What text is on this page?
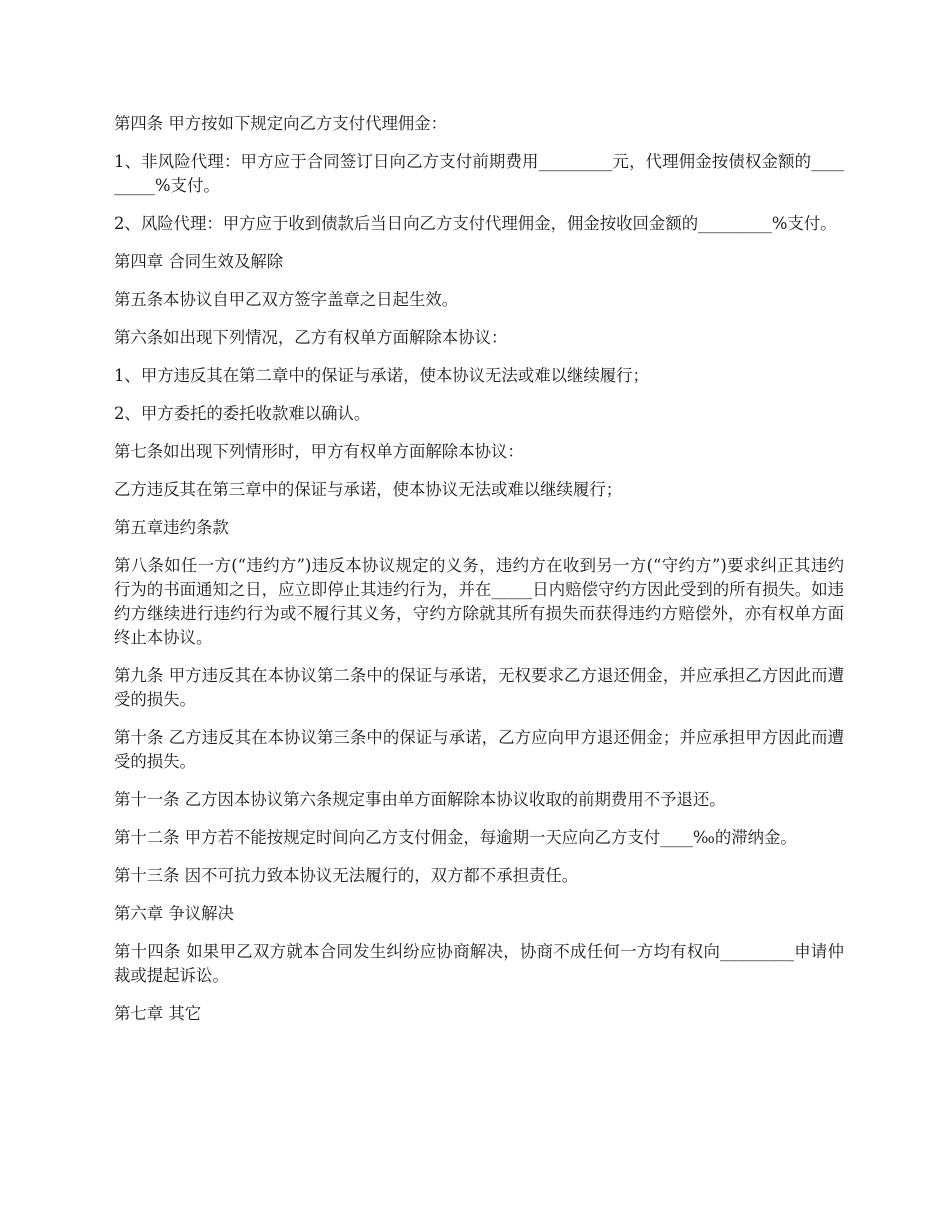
第四条 甲方按如下规定向乙方支付代理佣金：

1、非风险代理：甲方应于合同签订日向乙方支付前期费用_________元，代理佣金按债权金额的_________%支付。

2、风险代理：甲方应于收到债款后当日向乙方支付代理佣金，佣金按收回金额的_________%支付。

第四章 合同生效及解除

第五条本协议自甲乙双方签字盖章之日起生效。

第六条如出现下列情况，乙方有权单方面解除本协议：

1、甲方违反其在第二章中的保证与承诺，使本协议无法或难以继续履行；

2、甲方委托的委托收款难以确认。

第七条如出现下列情形时，甲方有权单方面解除本协议：

乙方违反其在第三章中的保证与承诺，使本协议无法或难以继续履行；

第五章违约条款

第八条如任一方(“违约方”)违反本协议规定的义务，违约方在收到另一方(“守约方”)要求纠正其违约行为的书面通知之日，应立即停止其违约行为，并在_____日内赔偿守约方因此受到的所有损失。如违约方继续进行违约行为或不履行其义务，守约方除就其所有损失而获得违约方赔偿外，亦有权单方面终止本协议。

第九条 甲方违反其在本协议第二条中的保证与承诺，无权要求乙方退还佣金，并应承担乙方因此而遭受的损失。

第十条 乙方违反其在本协议第三条中的保证与承诺，乙方应向甲方退还佣金；并应承担甲方因此而遭受的损失。

第十一条 乙方因本协议第六条规定事由单方面解除本协议收取的前期费用不予退还。

第十二条 甲方若不能按规定时间向乙方支付佣金，每逾期一天应向乙方支付____‰的滞纳金。

第十三条 因不可抗力致本协议无法履行的，双方都不承担责任。

第六章 争议解决

第十四条 如果甲乙双方就本合同发生纠纷应协商解决，协商不成任何一方均有权向_________申请仲裁或提起诉讼。

第七章 其它
